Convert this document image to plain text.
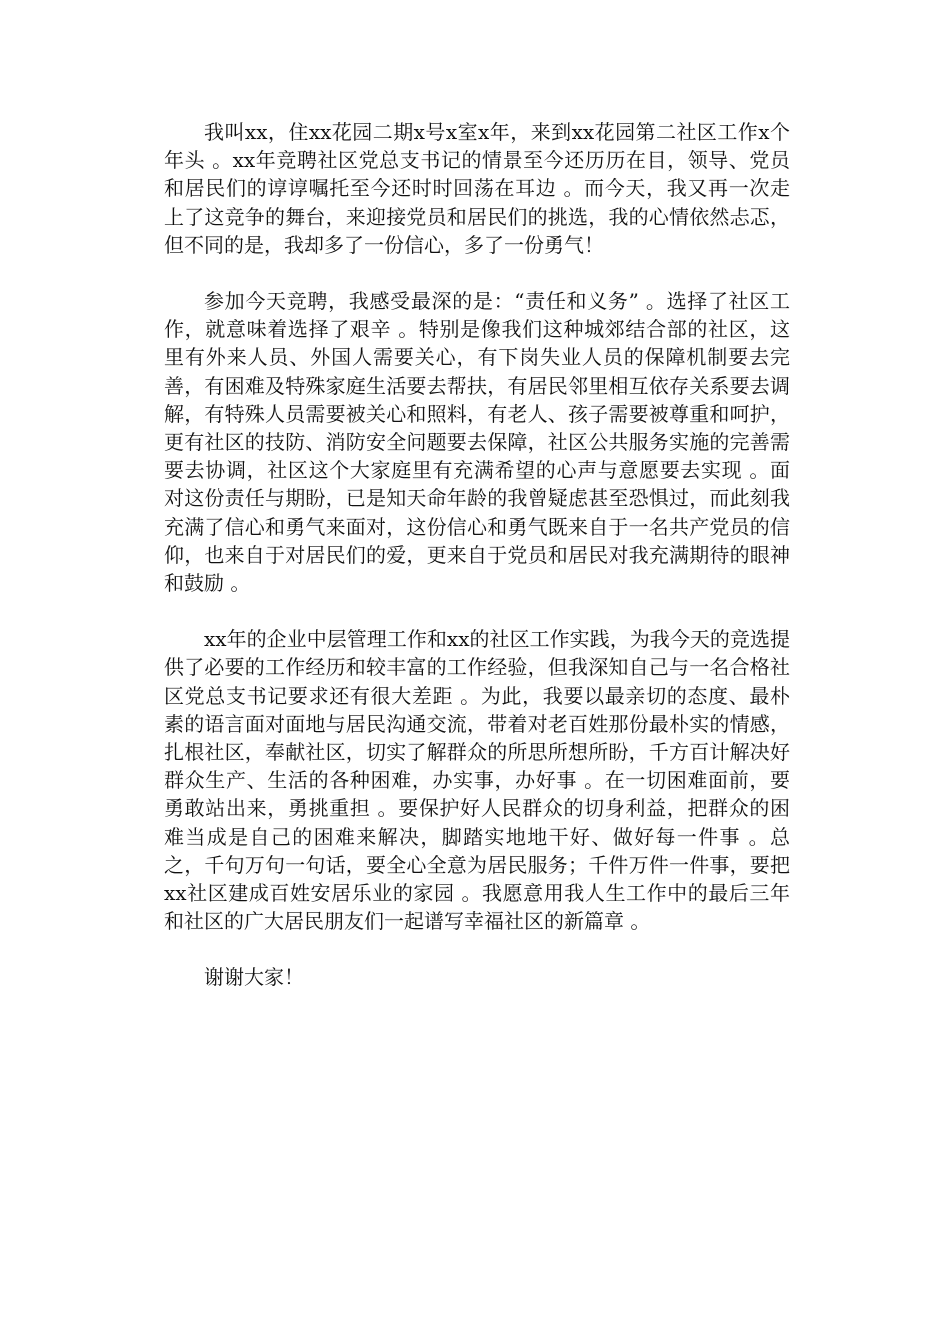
我叫xx，住xx花园二期x号x室x年，来到xx花园第二社区工作x个年头 。xx年竞聘社区党总支书记的情景至今还历历在目，领导、党员和居民们的谆谆嘱托至今还时时回荡在耳边 。而今天，我又再一次走上了这竞争的舞台，来迎接党员和居民们的挑选，我的心情依然忐忑，但不同的是，我却多了一份信心，多了一份勇气！

参加今天竞聘，我感受最深的是：“责任和义务” 。选择了社区工作，就意味着选择了艰辛 。特别是像我们这种城郊结合部的社区，这里有外来人员、外国人需要关心，有下岗失业人员的保障机制要去完善，有困难及特殊家庭生活要去帮扶，有居民邻里相互依存关系要去调解，有特殊人员需要被关心和照料，有老人、孩子需要被尊重和呵护，更有社区的技防、消防安全问题要去保障，社区公共服务实施的完善需要去协调，社区这个大家庭里有充满希望的心声与意愿要去实现 。面对这份责任与期盼，已是知天命年龄的我曾疑虑甚至恐惧过，而此刻我充满了信心和勇气来面对，这份信心和勇气既来自于一名共产党员的信仰，也来自于对居民们的爱，更来自于党员和居民对我充满期待的眼神和鼓励 。

xx年的企业中层管理工作和xx的社区工作实践，为我今天的竞选提供了必要的工作经历和较丰富的工作经验，但我深知自己与一名合格社区党总支书记要求还有很大差距 。为此，我要以最亲切的态度、最朴素的语言面对面地与居民沟通交流，带着对老百姓那份最朴实的情感，扎根社区，奉献社区，切实了解群众的所思所想所盼，千方百计解决好群众生产、生活的各种困难，办实事，办好事 。在一切困难面前，要勇敢站出来，勇挑重担 。要保护好人民群众的切身利益，把群众的困难当成是自己的困难来解决，脚踏实地地干好、做好每一件事 。总之，千句万句一句话，要全心全意为居民服务；千件万件一件事，要把xx社区建成百姓安居乐业的家园 。我愿意用我人生工作中的最后三年和社区的广大居民朋友们一起谱写幸福社区的新篇章 。

谢谢大家！
